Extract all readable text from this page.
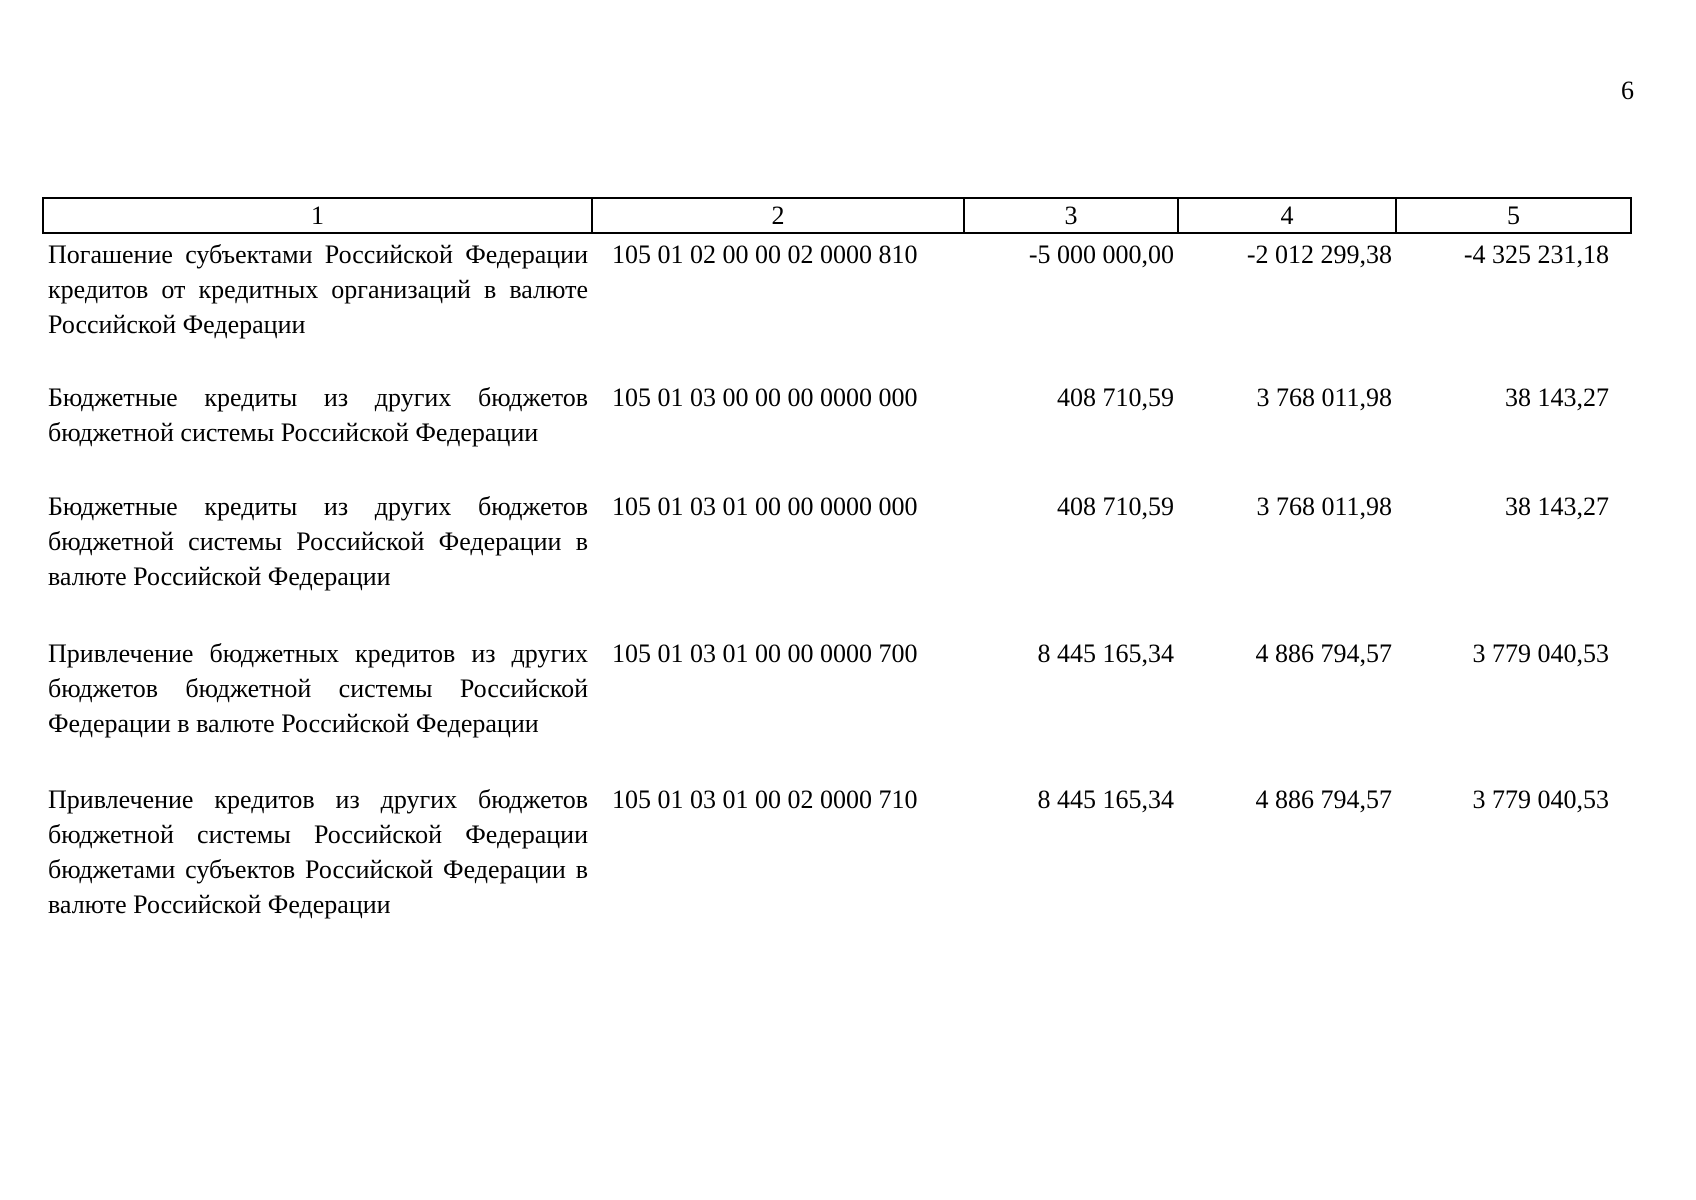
6
1	2	3	4	5
Погашение субъектами Российской Федерации кредитов от кредитных организаций в валюте Российской Федерации	105 01 02 00 00 02 0000 810	-5 000 000,00	-2 012 299,38	-4 325 231,18
Бюджетные кредиты из других бюджетов бюджетной системы Российской Федерации	105 01 03 00 00 00 0000 000	408 710,59	3 768 011,98	38 143,27
Бюджетные кредиты из других бюджетов бюджетной системы Российской Федерации в валюте Российской Федерации	105 01 03 01 00 00 0000 000	408 710,59	3 768 011,98	38 143,27
Привлечение бюджетных кредитов из других бюджетов бюджетной системы Российской Федерации в валюте Российской Федерации	105 01 03 01 00 00 0000 700	8 445 165,34	4 886 794,57	3 779 040,53
Привлечение кредитов из других бюджетов бюджетной системы Российской Федерации бюджетами субъектов Российской Федерации в валюте Российской Федерации	105 01 03 01 00 02 0000 710	8 445 165,34	4 886 794,57	3 779 040,53
